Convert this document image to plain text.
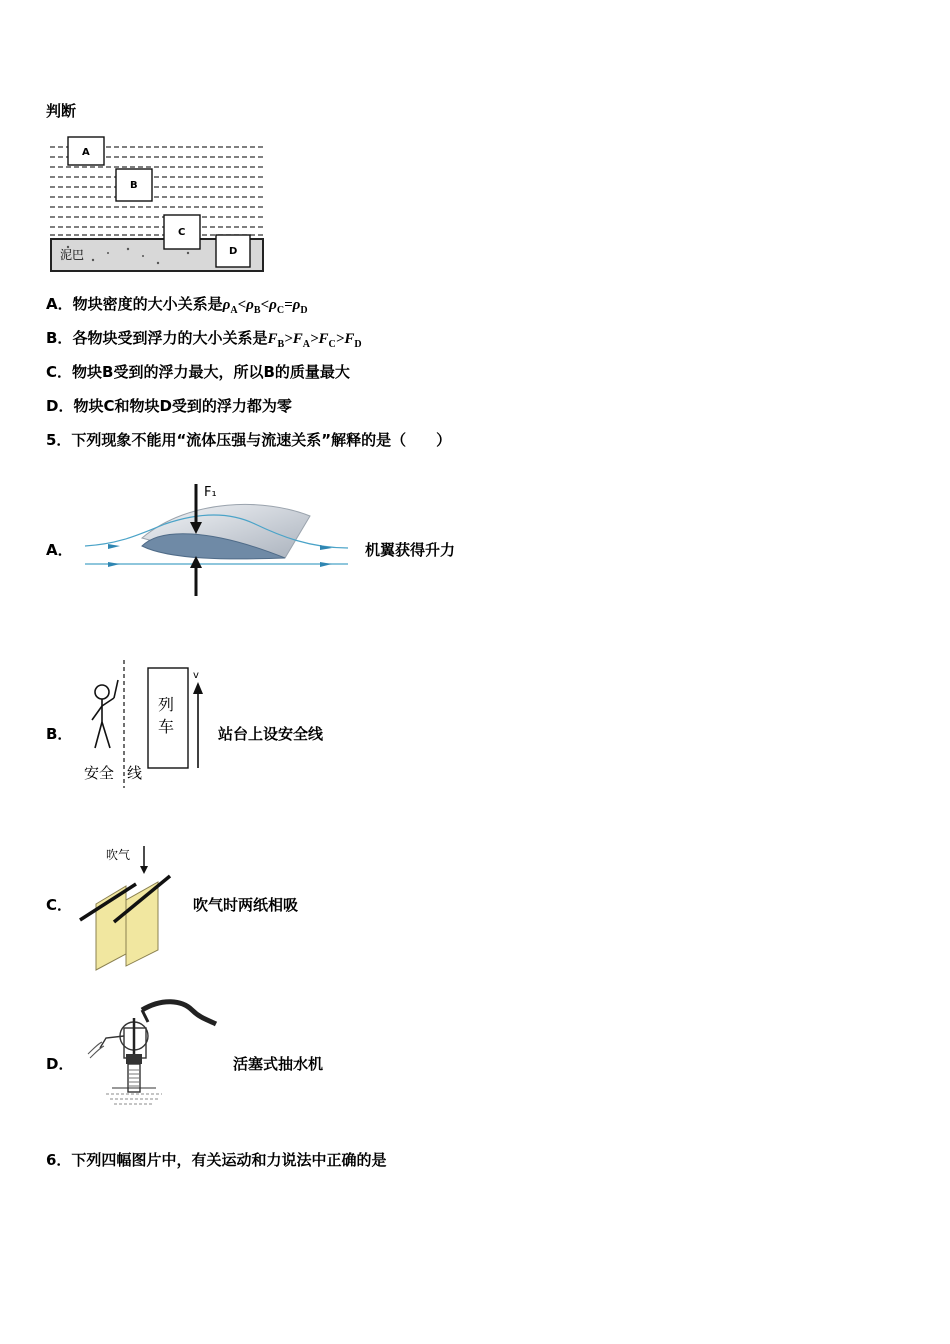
判断
泥巴
A
B
C
D
A．物块密度的大小关系是$\rho_A<\rho_B<\rho_C=\rho_D$
B．各物块受到浮力的大小关系是$F_B>F_A>F_C>F_D$
C．物块B受到的浮力最大，所以B的质量最大
D．物块C和物块D受到的浮力都为零
5．下列现象不能用“流体压强与流速关系”解释的是（　　）
A．
F₁
机翼获得升力
B．
列
车
v
安全 线
站台上设安全线
C．
吹气
吹气时两纸相吸
D．	活塞式抽水机
6．下列四幅图片中，有关运动和力说法中正确的是
